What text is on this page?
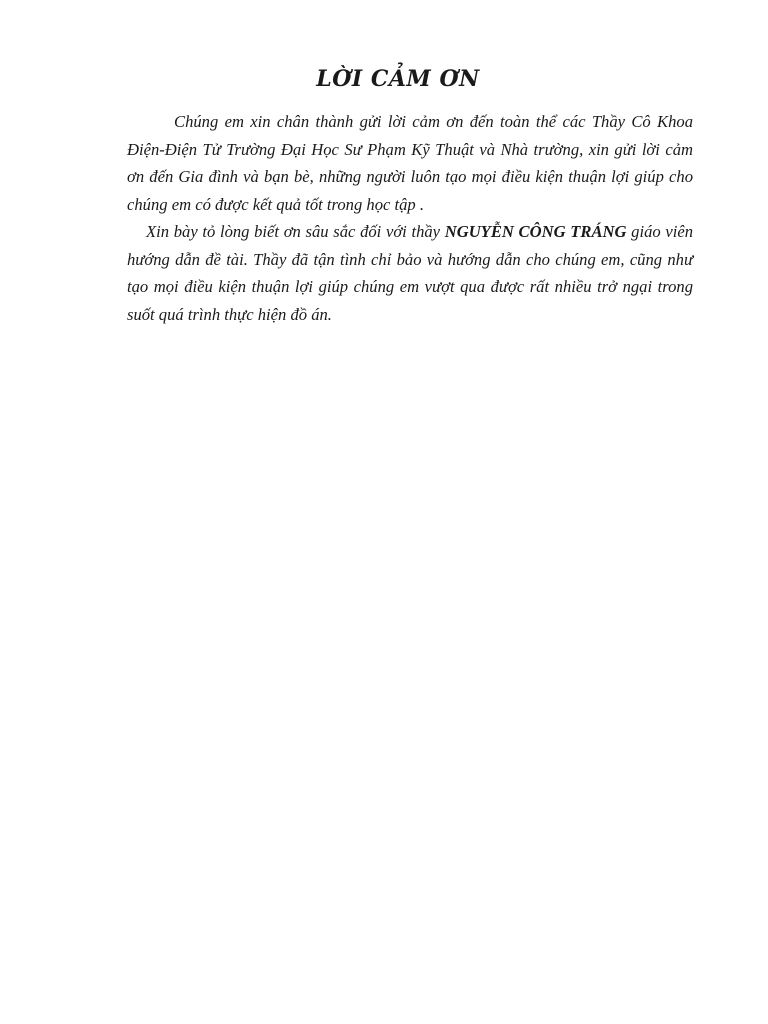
LỜI CẢM ƠN

Chúng em xin chân thành gửi lời cảm ơn đến toàn thể các Thầy Cô Khoa Điện-Điện Tử Trường Đại Học Sư Phạm Kỹ Thuật và Nhà trường, xin gửi lời cảm ơn đến Gia đình và bạn bè, những người luôn tạo mọi điều kiện thuận lợi giúp cho chúng em có được kết quả tốt trong học tập .

Xin bày tỏ lòng biết ơn sâu sắc đối với thầy NGUYỄN CÔNG TRÁNG giáo viên hướng dẫn đề tài. Thầy đã tận tình chỉ bảo và hướng dẫn cho chúng em, cũng như tạo mọi điều kiện thuận lợi giúp chúng em vượt qua được rất nhiều trở ngại trong suốt quá trình thực hiện đồ án.
